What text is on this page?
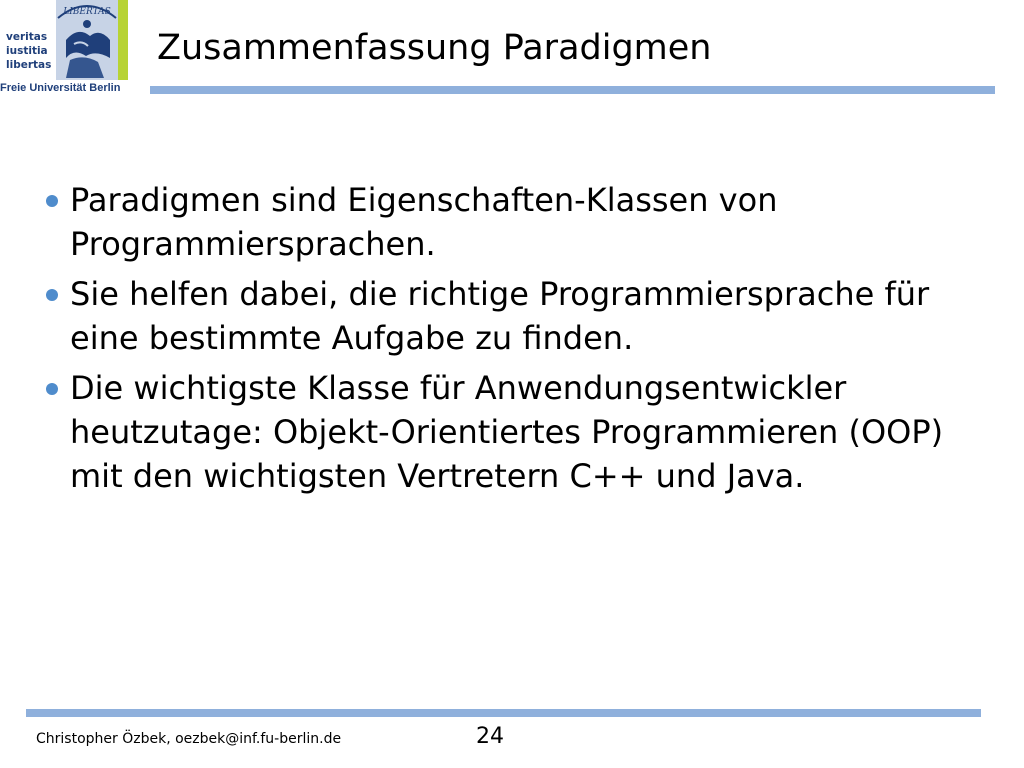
veritas
iustitia
libertas
LIBERTAS
Freie Universität Berlin
Zusammenfassung Paradigmen
Paradigmen sind Eigenschaften-Klassen von Programmiersprachen.
Sie helfen dabei, die richtige Programmiersprache für eine bestimmte Aufgabe zu finden.
Die wichtigste Klasse für Anwendungsentwickler heutzutage: Objekt-Orientiertes Programmieren (OOP) mit den wichtigsten Vertretern C++ und Java.
Christopher Özbek, oezbek@inf.fu-berlin.de	24
